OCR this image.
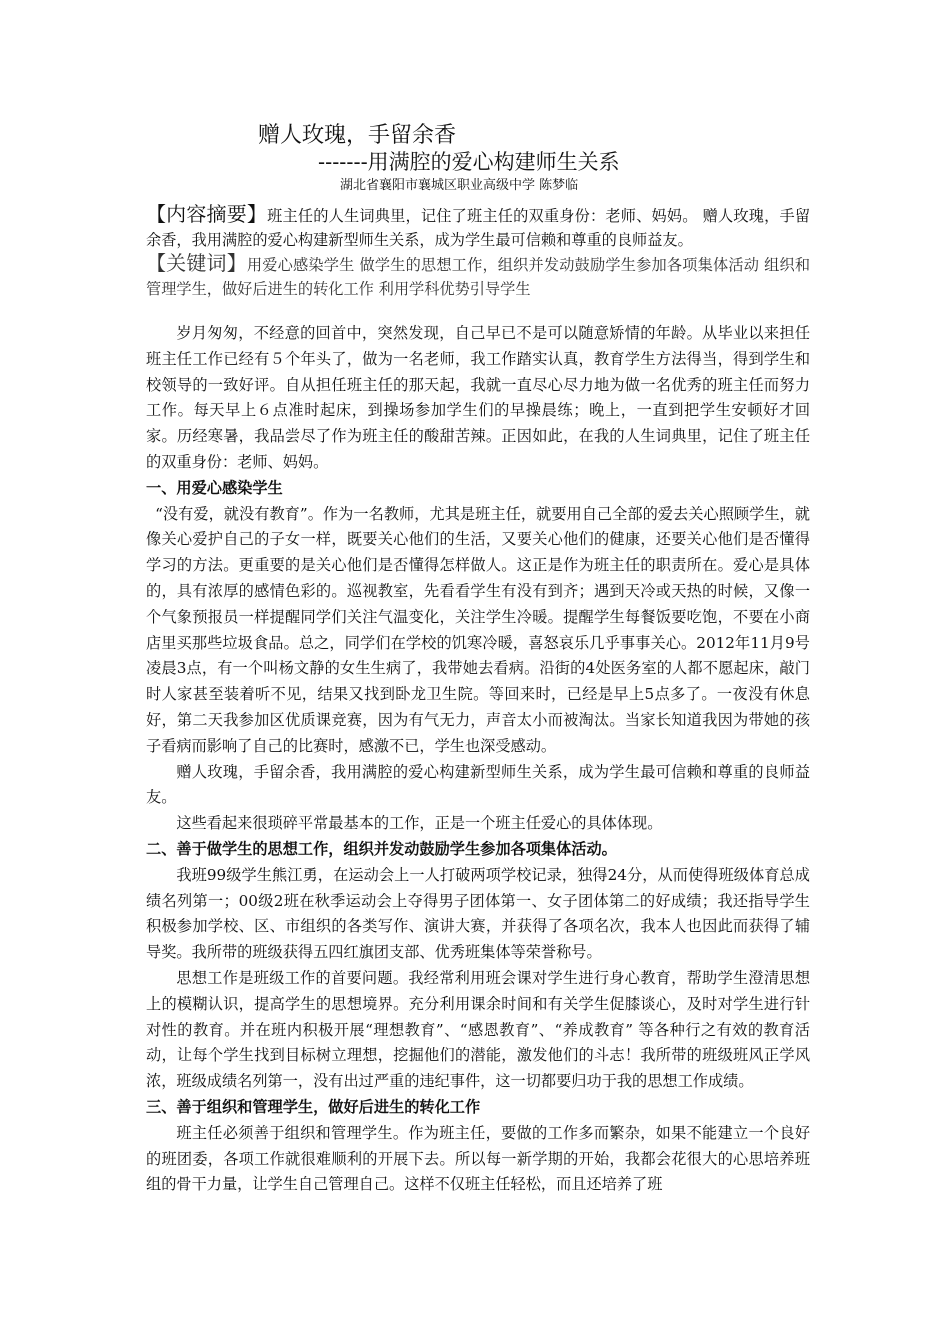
赠人玫瑰，手留余香
-------用满腔的爱心构建师生关系
湖北省襄阳市襄城区职业高级中学 陈梦临
【内容摘要】班主任的人生词典里，记住了班主任的双重身份：老师、妈妈。 赠人玫瑰，手留余香，我用满腔的爱心构建新型师生关系，成为学生最可信赖和尊重的良师益友。
【关键词】用爱心感染学生 做学生的思想工作，组织并发动鼓励学生参加各项集体活动 组织和管理学生，做好后进生的转化工作 利用学科优势引导学生

岁月匆匆，不经意的回首中，突然发现，自己早已不是可以随意矫情的年龄。从毕业以来担任班主任工作已经有５个年头了，做为一名老师，我工作踏实认真，教育学生方法得当，得到学生和校领导的一致好评。自从担任班主任的那天起，我就一直尽心尽力地为做一名优秀的班主任而努力工作。每天早上６点准时起床，到操场参加学生们的早操晨练；晚上，一直到把学生安顿好才回家。历经寒暑，我品尝尽了作为班主任的酸甜苦辣。正因如此，在我的人生词典里，记住了班主任的双重身份：老师、妈妈。

一、用爱心感染学生

“没有爱，就没有教育”。作为一名教师，尤其是班主任，就要用自己全部的爱去关心照顾学生，就像关心爱护自己的子女一样，既要关心他们的生活，又要关心他们的健康，还要关心他们是否懂得学习的方法。更重要的是关心他们是否懂得怎样做人。这正是作为班主任的职责所在。爱心是具体的，具有浓厚的感情色彩的。巡视教室，先看看学生有没有到齐；遇到天冷或天热的时候，又像一个气象预报员一样提醒同学们关注气温变化，关注学生冷暖。提醒学生每餐饭要吃饱，不要在小商店里买那些垃圾食品。总之，同学们在学校的饥寒冷暖，喜怒哀乐几乎事事关心。2012年11月9号凌晨3点，有一个叫杨文静的女生生病了，我带她去看病。沿街的4处医务室的人都不愿起床，敲门时人家甚至装着听不见，结果又找到卧龙卫生院。等回来时，已经是早上5点多了。一夜没有休息好，第二天我参加区优质课竞赛，因为有气无力，声音太小而被淘汰。当家长知道我因为带她的孩子看病而影响了自己的比赛时，感激不已，学生也深受感动。

赠人玫瑰，手留余香，我用满腔的爱心构建新型师生关系，成为学生最可信赖和尊重的良师益友。

这些看起来很琐碎平常最基本的工作，正是一个班主任爱心的具体体现。

二、善于做学生的思想工作，组织并发动鼓励学生参加各项集体活动。

我班99级学生熊江勇，在运动会上一人打破两项学校记录，独得24分，从而使得班级体育总成绩名列第一；00级2班在秋季运动会上夺得男子团体第一、女子团体第二的好成绩；我还指导学生积极参加学校、区、市组织的各类写作、演讲大赛，并获得了各项名次，我本人也因此而获得了辅导奖。我所带的班级获得五四红旗团支部、优秀班集体等荣誉称号。

思想工作是班级工作的首要问题。我经常利用班会课对学生进行身心教育，帮助学生澄清思想上的模糊认识，提高学生的思想境界。充分利用课余时间和有关学生促膝谈心，及时对学生进行针对性的教育。并在班内积极开展“理想教育”、“感恩教育”、“养成教育” 等各种行之有效的教育活动，让每个学生找到目标树立理想，挖掘他们的潜能，激发他们的斗志！我所带的班级班风正学风浓，班级成绩名列第一，没有出过严重的违纪事件，这一切都要归功于我的思想工作成绩。

三、善于组织和管理学生，做好后进生的转化工作

班主任必须善于组织和管理学生。作为班主任，要做的工作多而繁杂，如果不能建立一个良好的班团委，各项工作就很难顺利的开展下去。所以每一新学期的开始，我都会花很大的心思培养班组的骨干力量，让学生自己管理自己。这样不仅班主任轻松，而且还培养了班
